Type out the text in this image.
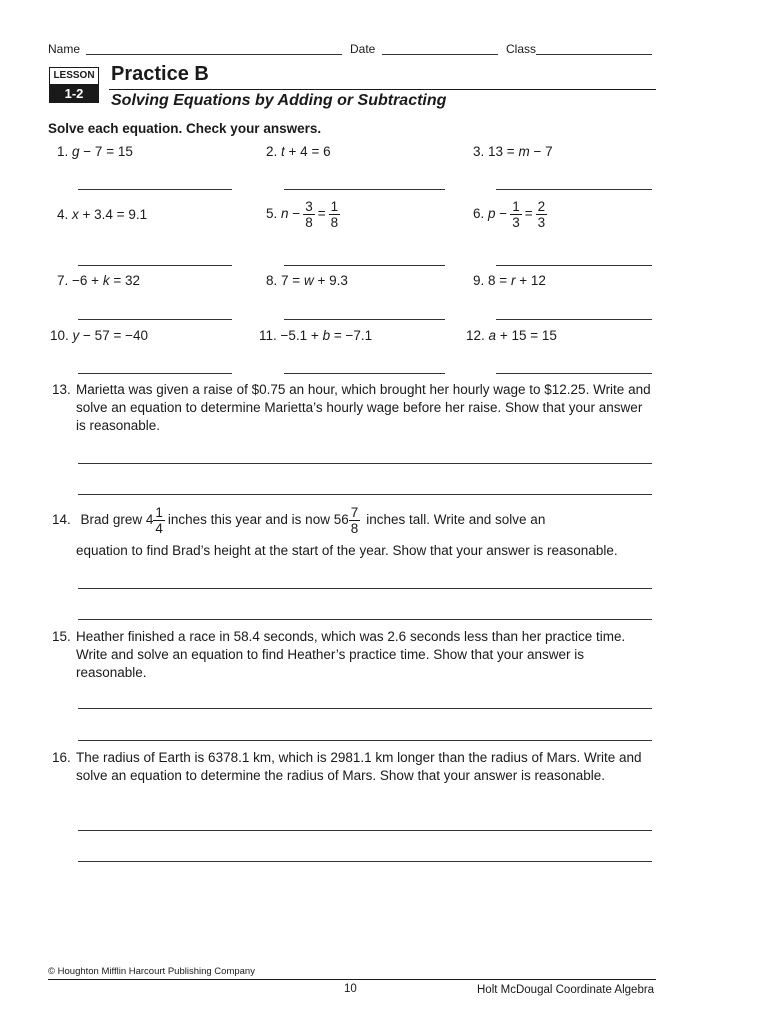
Name	Date	Class
LESSON
1-2
Practice B
Solving Equations by Adding or Subtracting
Solve each equation. Check your answers.
1. g − 7 = 15	2. t + 4 = 6	3. 13 = m − 7
4. x + 3.4 = 9.1	5. $n - \frac{3}{8} = \frac{1}{8}$	6. $p - \frac{1}{3} = \frac{2}{3}$
7. −6 + k = 32	8. 7 = w + 9.3	9. 8 = r + 12
10. y − 57 = −40	11. −5.1 + b = −7.1	12. a + 15 = 15
13. Marietta was given a raise of $0.75 an hour, which brought her hourly wage to $12.25. Write and solve an equation to determine Marietta’s hourly wage before her raise. Show that your answer is reasonable.
14. Brad grew $4 \frac{1}{4}$ inches this year and is now $56 \frac{7}{8}$ inches tall. Write and solve an
equation to find Brad’s height at the start of the year. Show that your answer is reasonable.
15. Heather finished a race in 58.4 seconds, which was 2.6 seconds less than her practice time. Write and solve an equation to find Heather’s practice time. Show that your answer is reasonable.
16. The radius of Earth is 6378.1 km, which is 2981.1 km longer than the radius of Mars. Write and solve an equation to determine the radius of Mars. Show that your answer is reasonable.
© Houghton Mifflin Harcourt Publishing Company
10	Holt McDougal Coordinate Algebra
